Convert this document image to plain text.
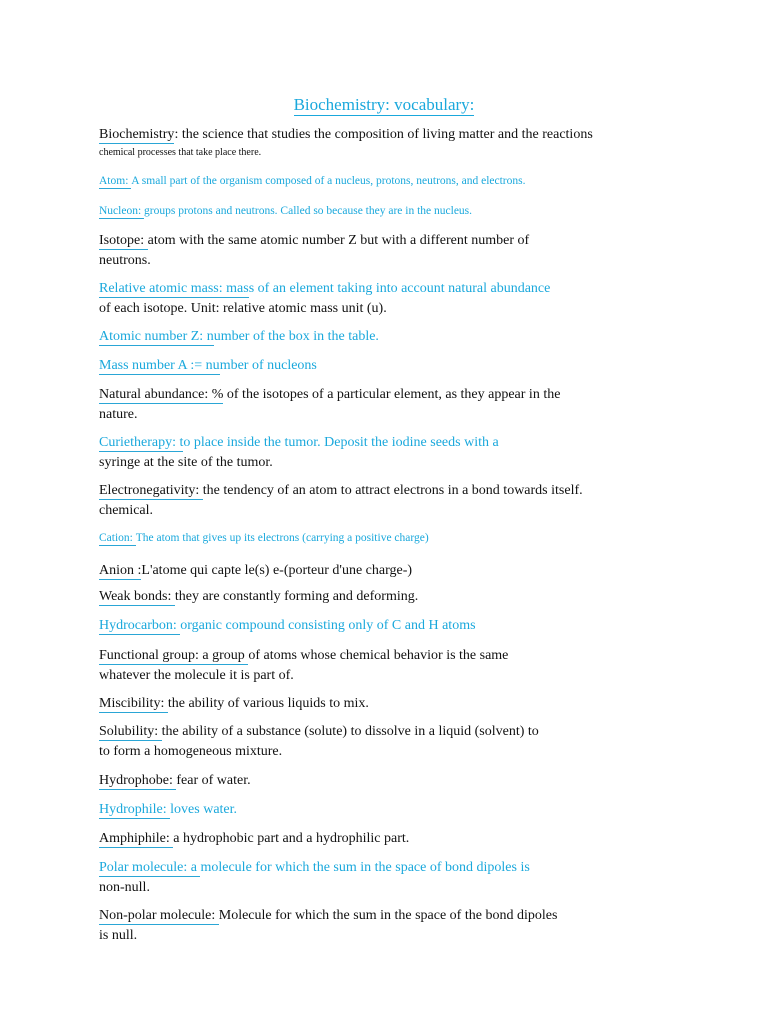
Biochemistry: vocabulary:
Biochemistry: the science that studies the composition of living matter and the reactions
chemical processes that take place there.
Atom: A small part of the organism composed of a nucleus, protons, neutrons, and electrons.
Nucleon: groups protons and neutrons. Called so because they are in the nucleus.
Isotope: atom with the same atomic number Z but with a different number of
neutrons.
Relative atomic mass: mass of an element taking into account natural abundance
of each isotope. Unit: relative atomic mass unit (u).
Atomic number Z: number of the box in the table.
Mass number A := number of nucleons
Natural abundance: % of the isotopes of a particular element, as they appear in the
nature.
Curietherapy: to place inside the tumor. Deposit the iodine seeds with a
syringe at the site of the tumor.
Electronegativity: the tendency of an atom to attract electrons in a bond towards itself.
chemical.
Cation: The atom that gives up its electrons (carrying a positive charge)
Anion :L'atome qui capte le(s) e-(porteur d'une charge-)
Weak bonds: they are constantly forming and deforming.
Hydrocarbon: organic compound consisting only of C and H atoms
Functional group: a group of atoms whose chemical behavior is the same
whatever the molecule it is part of.
Miscibility: the ability of various liquids to mix.
Solubility: the ability of a substance (solute) to dissolve in a liquid (solvent) to
to form a homogeneous mixture.
Hydrophobe: fear of water.
Hydrophile: loves water.
Amphiphile: a hydrophobic part and a hydrophilic part.
Polar molecule: a molecule for which the sum in the space of bond dipoles is
non-null.
Non-polar molecule: Molecule for which the sum in the space of the bond dipoles
is null.
